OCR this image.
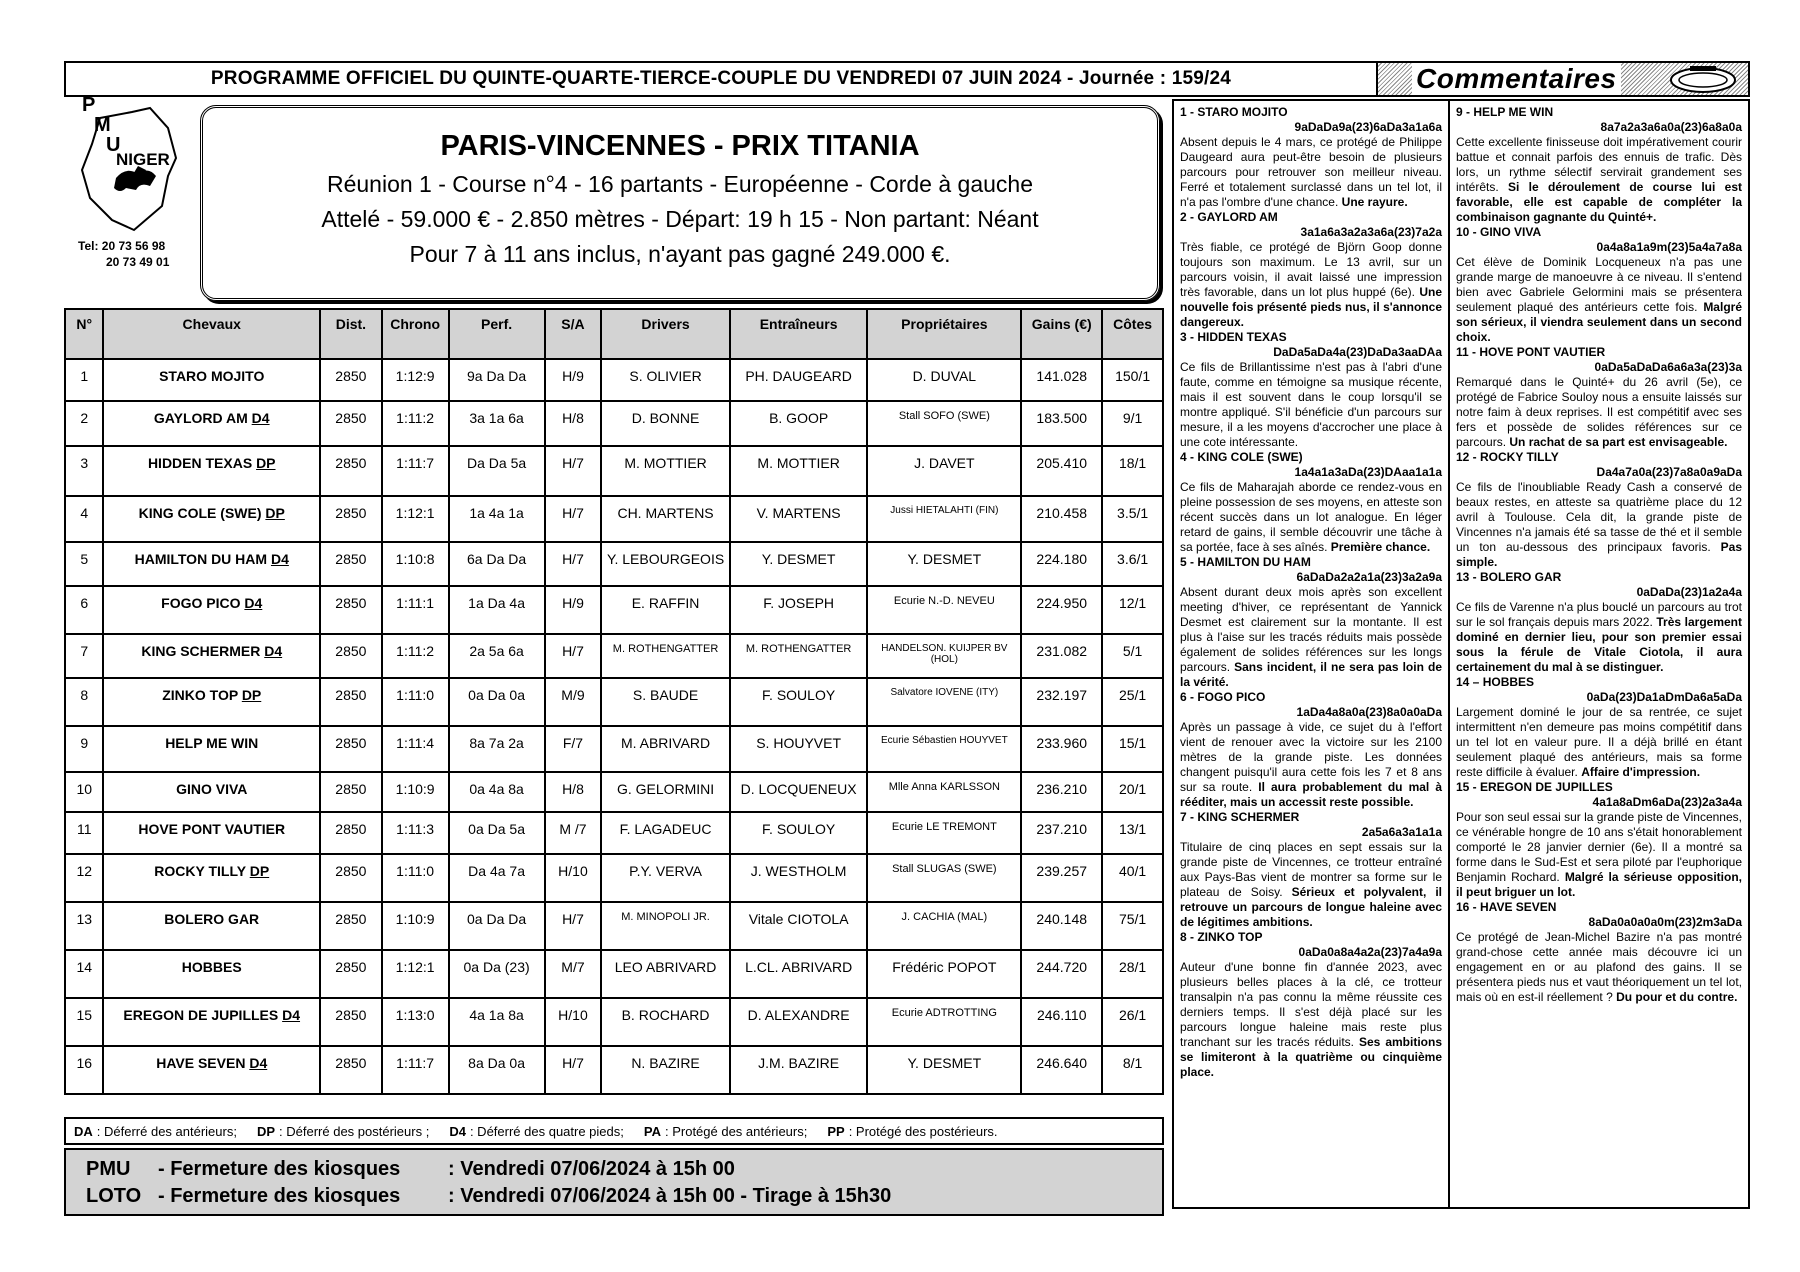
PROGRAMME OFFICIEL DU QUINTE-QUARTE-TIERCE-COUPLE DU VENDREDI 07 JUIN 2024 - Journée : 159/24	Commentaires
P
M
U
NIGER
Tel: 20 73 56 98
20 73 49 01
PARIS-VINCENNES - PRIX TITANIA
Réunion 1 - Course n°4 - 16 partants - Européenne - Corde à gauche
Attelé - 59.000 € - 2.850 mètres - Départ: 19 h 15 - Non partant: Néant
Pour 7 à 11 ans inclus, n'ayant pas gagné 249.000 €.
N°	Chevaux	Dist.	Chrono	Perf.	S/A	Drivers	Entraîneurs	Propriétaires	Gains (€)	Côtes
1	STARO MOJITO	2850	1:12:9	9a Da Da	H/9	S. OLIVIER	PH. DAUGEARD	D. DUVAL	141.028	150/1
2	GAYLORD AM D4	2850	1:11:2	3a 1a 6a	H/8	D. BONNE	B. GOOP	Stall SOFO (SWE)	183.500	9/1
3	HIDDEN TEXAS DP	2850	1:11:7	Da Da 5a	H/7	M. MOTTIER	M. MOTTIER	J. DAVET	205.410	18/1
4	KING COLE (SWE) DP	2850	1:12:1	1a 4a 1a	H/7	CH. MARTENS	V. MARTENS	Jussi HIETALAHTI (FIN)	210.458	3.5/1
5	HAMILTON DU HAM D4	2850	1:10:8	6a Da Da	H/7	Y. LEBOURGEOIS	Y. DESMET	Y. DESMET	224.180	3.6/1
6	FOGO PICO D4	2850	1:11:1	1a Da 4a	H/9	E. RAFFIN	F. JOSEPH	Ecurie N.-D. NEVEU	224.950	12/1
7	KING SCHERMER D4	2850	1:11:2	2a 5a 6a	H/7	M. ROTHENGATTER	M. ROTHENGATTER	HANDELSON. KUIJPER BV (HOL)	231.082	5/1
8	ZINKO TOP DP	2850	1:11:0	0a Da 0a	M/9	S. BAUDE	F. SOULOY	Salvatore IOVENE (ITY)	232.197	25/1
9	HELP ME WIN	2850	1:11:4	8a 7a 2a	F/7	M. ABRIVARD	S. HOUYVET	Ecurie Sébastien HOUYVET	233.960	15/1
10	GINO VIVA	2850	1:10:9	0a 4a 8a	H/8	G. GELORMINI	D. LOCQUENEUX	Mlle Anna KARLSSON	236.210	20/1
11	HOVE PONT VAUTIER	2850	1:11:3	0a Da 5a	M /7	F. LAGADEUC	F. SOULOY	Ecurie LE TREMONT	237.210	13/1
12	ROCKY TILLY DP	2850	1:11:0	Da 4a 7a	H/10	P.Y. VERVA	J. WESTHOLM	Stall SLUGAS (SWE)	239.257	40/1
13	BOLERO GAR	2850	1:10:9	0a Da Da	H/7	M. MINOPOLI JR.	Vitale CIOTOLA	J. CACHIA (MAL)	240.148	75/1
14	HOBBES	2850	1:12:1	0a Da (23)	M/7	LEO ABRIVARD	L.CL. ABRIVARD	Frédéric POPOT	244.720	28/1
15	EREGON DE JUPILLES D4	2850	1:13:0	4a 1a 8a	H/10	B. ROCHARD	D. ALEXANDRE	Ecurie ADTROTTING	246.110	26/1
16	HAVE SEVEN D4	2850	1:11:7	8a Da 0a	H/7	N. BAZIRE	J.M. BAZIRE	Y. DESMET	246.640	8/1
DA : Déferré des antérieurs; DP : Déferré des postérieurs ; D4 : Déferré des quatre pieds; PA : Protégé des antérieurs; PP : Protégé des postérieurs.
PMU - Fermeture des kiosques : Vendredi 07/06/2024 à 15h 00
LOTO - Fermeture des kiosques : Vendredi 07/06/2024 à 15h 00 - Tirage à 15h30
1 - STARO MOJITO
9aDaDa9a(23)6aDa3a1a6a
Absent depuis le 4 mars, ce protégé de Philippe Daugeard aura peut-être besoin de plusieurs parcours pour retrouver son meilleur niveau. Ferré et totalement surclassé dans un tel lot, il n'a pas l'ombre d'une chance. Une rayure.
2 - GAYLORD AM
3a1a6a3a2a3a6a(23)7a2a
Très fiable, ce protégé de Björn Goop donne toujours son maximum. Le 13 avril, sur un parcours voisin, il avait laissé une impression très favorable, dans un lot plus huppé (6e). Une nouvelle fois présenté pieds nus, il s'annonce dangereux.
3 - HIDDEN TEXAS
DaDa5aDa4a(23)DaDa3aaDAa
Ce fils de Brillantissime n'est pas à l'abri d'une faute, comme en témoigne sa musique récente, mais il est souvent dans le coup lorsqu'il se montre appliqué. S'il bénéficie d'un parcours sur mesure, il a les moyens d'accrocher une place à une cote intéressante.
4 - KING COLE (SWE)
1a4a1a3aDa(23)DAaa1a1a
Ce fils de Maharajah aborde ce rendez-vous en pleine possession de ses moyens, en atteste son récent succès dans un lot analogue. En léger retard de gains, il semble découvrir une tâche à sa portée, face à ses aînés. Première chance.
5 - HAMILTON DU HAM
6aDaDa2a2a1a(23)3a2a9a
Absent durant deux mois après son excellent meeting d'hiver, ce représentant de Yannick Desmet est clairement sur la montante. Il est plus à l'aise sur les tracés réduits mais possède également de solides références sur les longs parcours. Sans incident, il ne sera pas loin de la vérité.
6 - FOGO PICO
1aDa4a8a0a(23)8a0a0aDa
Après un passage à vide, ce sujet du à l'effort vient de renouer avec la victoire sur les 2100 mètres de la grande piste. Les données changent puisqu'il aura cette fois les 7 et 8 ans sur sa route. Il aura probablement du mal à rééditer, mais un accessit reste possible.
7 - KING SCHERMER
2a5a6a3a1a1a
Titulaire de cinq places en sept essais sur la grande piste de Vincennes, ce trotteur entraîné aux Pays-Bas vient de montrer sa forme sur le plateau de Soisy. Sérieux et polyvalent, il retrouve un parcours de longue haleine avec de légitimes ambitions.
8 - ZINKO TOP
0aDa0a8a4a2a(23)7a4a9a
Auteur d'une bonne fin d'année 2023, avec plusieurs belles places à la clé, ce trotteur transalpin n'a pas connu la même réussite ces derniers temps. Il s'est déjà placé sur les parcours longue haleine mais reste plus tranchant sur les tracés réduits. Ses ambitions se limiteront à la quatrième ou cinquième place.
9 - HELP ME WIN
8a7a2a3a6a0a(23)6a8a0a
Cette excellente finisseuse doit impérativement courir battue et connait parfois des ennuis de trafic. Dès lors, un rythme sélectif servirait grandement ses intérêts. Si le déroulement de course lui est favorable, elle est capable de compléter la combinaison gagnante du Quinté+.
10 - GINO VIVA
0a4a8a1a9m(23)5a4a7a8a
Cet élève de Dominik Locqueneux n'a pas une grande marge de manoeuvre à ce niveau. Il s'entend bien avec Gabriele Gelormini mais se présentera seulement plaqué des antérieurs cette fois. Malgré son sérieux, il viendra seulement dans un second choix.
11 - HOVE PONT VAUTIER
0aDa5aDaDa6a6a3a(23)3a
Remarqué dans le Quinté+ du 26 avril (5e), ce protégé de Fabrice Souloy nous a ensuite laissés sur notre faim à deux reprises. Il est compétitif avec ses fers et possède de solides références sur ce parcours. Un rachat de sa part est envisageable.
12 - ROCKY TILLY
Da4a7a0a(23)7a8a0a9aDa
Ce fils de l'inoubliable Ready Cash a conservé de beaux restes, en atteste sa quatrième place du 12 avril à Toulouse. Cela dit, la grande piste de Vincennes n'a jamais été sa tasse de thé et il semble un ton au-dessous des principaux favoris. Pas simple.
13 - BOLERO GAR
0aDaDa(23)1a2a4a
Ce fils de Varenne n'a plus bouclé un parcours au trot sur le sol français depuis mars 2022. Très largement dominé en dernier lieu, pour son premier essai sous la férule de Vitale Ciotola, il aura certainement du mal à se distinguer.
14 – HOBBES
0aDa(23)Da1aDmDa6a5aDa
Largement dominé le jour de sa rentrée, ce sujet intermittent n'en demeure pas moins compétitif dans un tel lot en valeur pure. Il a déjà brillé en étant seulement plaqué des antérieurs, mais sa forme reste difficile à évaluer. Affaire d'impression.
15 - EREGON DE JUPILLES
4a1a8aDm6aDa(23)2a3a4a
Pour son seul essai sur la grande piste de Vincennes, ce vénérable hongre de 10 ans s'était honorablement comporté le 28 janvier dernier (6e). Il a montré sa forme dans le Sud-Est et sera piloté par l'euphorique Benjamin Rochard. Malgré la sérieuse opposition, il peut briguer un lot.
16 - HAVE SEVEN
8aDa0a0a0a0m(23)2m3aDa
Ce protégé de Jean-Michel Bazire n'a pas montré grand-chose cette année mais découvre ici un engagement en or au plafond des gains. Il se présentera pieds nus et vaut théoriquement un tel lot, mais où en est-il réellement ? Du pour et du contre.
